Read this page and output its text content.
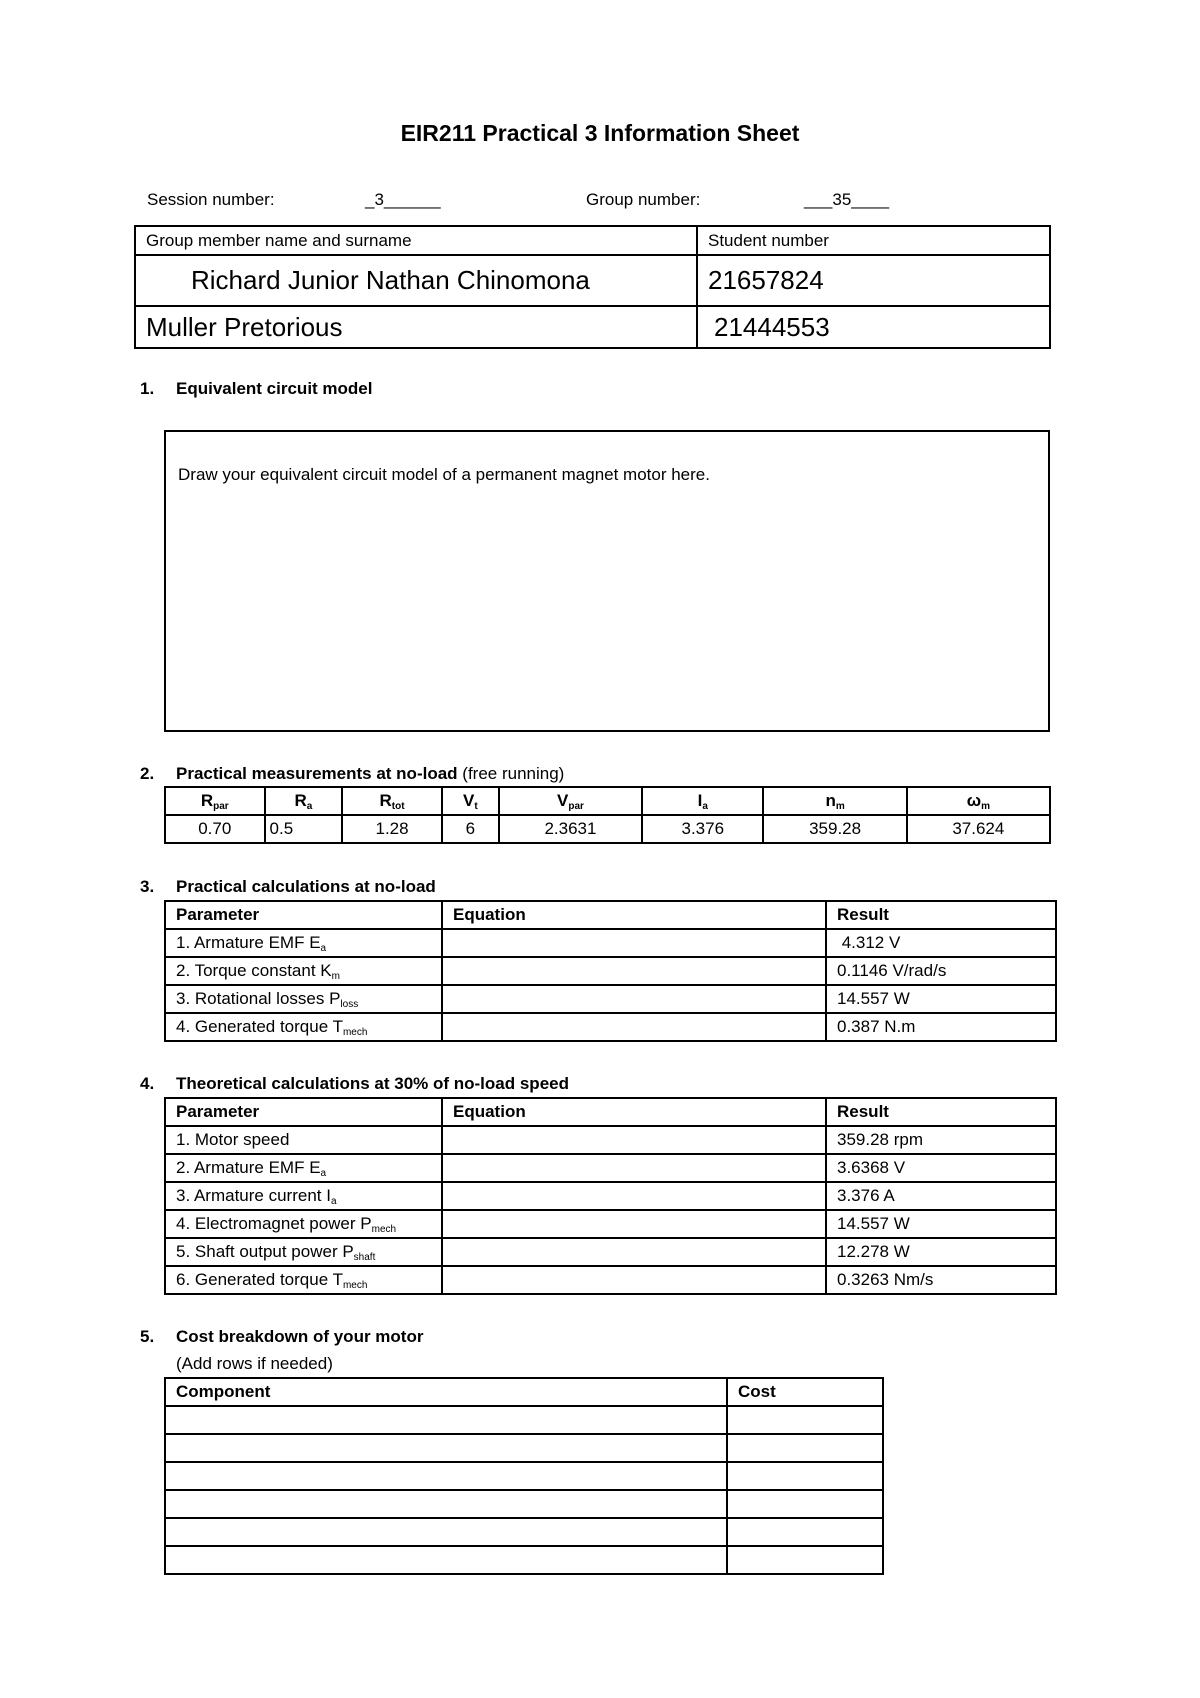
EIR211 Practical 3 Information Sheet
Session number:	_3______	Group number:	___35____
Group member name and surname	Student number
Richard Junior Nathan Chinomona	21657824
Muller Pretorious	21444553
1. Equivalent circuit model
Draw your equivalent circuit model of a permanent magnet motor here.
2. Practical measurements at no-load (free running)
$R_{par}$	$R_a$	$R_{tot}$	$V_t$	$V_{par}$	$I_a$	$n_m$	$\omega_m$
0.70	0.5	1.28	6	2.3631	3.376	359.28	37.624
3. Practical calculations at no-load
Parameter	Equation	Result
1. Armature EMF $E_a$		4.312 V
2. Torque constant $K_m$		0.1146 V/rad/s
3. Rotational losses $P_{loss}$		14.557 W
4. Generated torque $T_{mech}$		0.387 N.m
4. Theoretical calculations at 30% of no-load speed
Parameter	Equation	Result
1. Motor speed		359.28 rpm
2. Armature EMF $E_a$		3.6368 V
3. Armature current $I_a$		3.376 A
4. Electromagnet power $P_{mech}$		14.557 W
5. Shaft output power $P_{shaft}$		12.278 W
6. Generated torque $T_{mech}$		0.3263 Nm/s
5. Cost breakdown of your motor
(Add rows if needed)
Component	Cost
